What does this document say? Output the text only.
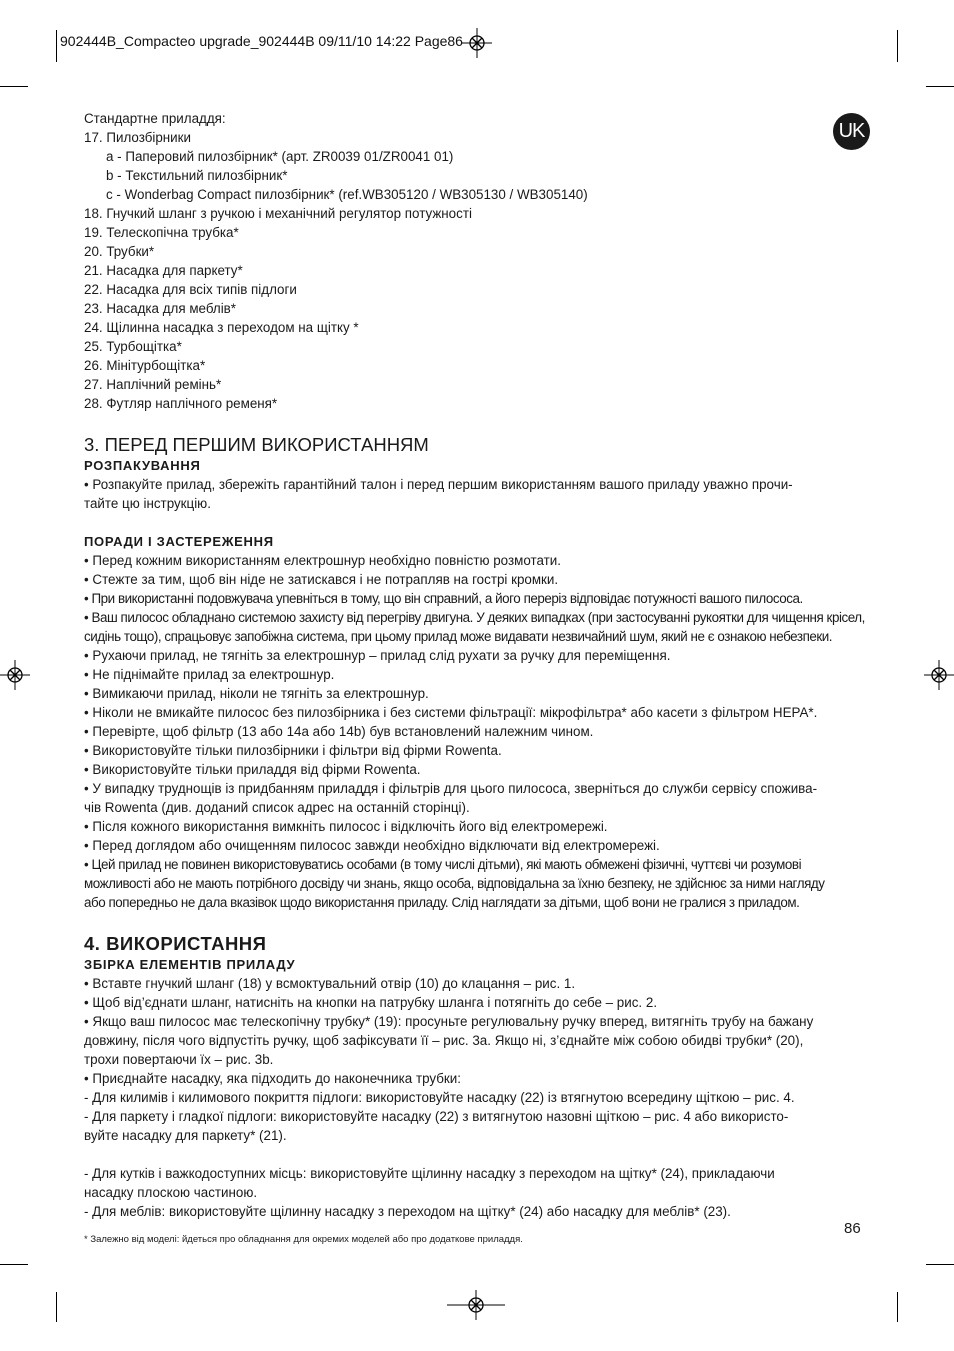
902444B_Compacteo upgrade_902444B 09/11/10 14:22 Page86
UK
Стандартне приладдя:
17. Пилозбірники
a - Паперовий пилозбірник* (арт. ZR0039 01/ZR0041 01)
b - Текстильний пилозбірник*
c - Wonderbag Compact пилозбірник* (ref.WB305120 / WB305130 / WB305140)
18. Гнучкий шланг з ручкою і механічний регулятор потужності
19. Телескопічна трубка*
20. Трубки*
21. Насадка для паркету*
22. Насадка для всіх типів підлоги
23. Насадка для меблів*
24. Щілинна насадка з переходом на щітку *
25. Турбощітка*
26. Мінітурбощітка*
27. Наплічний ремінь*
28. Футляр наплічного ременя*
3. ПЕРЕД ПЕРШИМ ВИКОРИСТАННЯМ
РОЗПАКУВАННЯ
• Розпакуйте прилад, збережіть гарантійний талон і перед першим використанням вашого приладу уважно прочи-
тайте цю інструкцію.
ПОРАДИ І ЗАСТЕРЕЖЕННЯ
• Перед кожним використанням електрошнур необхідно повністю розмотати.
• Стежте за тим, щоб він ніде не затискався і не потрапляв на гострі кромки.
• При використанні подовжувача упевніться в тому, що він справний, а його переріз відповідає потужності вашого пилососа.
• Ваш пилосос обладнано системою захисту від перегріву двигуна. У деяких випадках (при застосуванні рукоятки для чищення крісел,
сидінь тощо), спрацьовує запобіжна система, при цьому прилад може видавати незвичайний шум, який не є ознакою небезпеки.
• Рухаючи прилад, не тягніть за електрошнур – прилад слід рухати за ручку для переміщення.
• Не піднімайте прилад за електрошнур.
• Вимикаючи прилад, ніколи не тягніть за електрошнур.
• Ніколи не вмикайте пилосос без пилозбірника і без системи фільтрації: мікрофільтра* або касети з фільтром HEPA*.
• Перевірте, щоб фільтр (13 або 14a або 14b) був встановлений належним чином.
• Використовуйте тільки пилозбірники і фільтри від фірми Rowenta.
• Використовуйте тільки приладдя від фірми Rowenta.
• У випадку труднощів із придбанням приладдя і фільтрів для цього пилососа, зверніться до служби сервісу спожива-
чів Rowenta (див. доданий список адрес на останній сторінці).
• Після кожного використання вимкніть пилосос і відключіть його від електромережі.
• Перед доглядом або очищенням пилосос завжди необхідно відключати від електромережі.
• Цей прилад не повинен використовуватись особами (в тому числі дітьми), які мають обмежені фізичні, чуттєві чи розумові
можливості або не мають потрібного досвіду чи знань, якщо особа, відповідальна за їхню безпеку, не здійснює за ними нагляду
або попередньо не дала вказівок щодо використання приладу. Слід наглядати за дітьми, щоб вони не гралися з приладом.
4. ВИКОРИСТАННЯ
ЗБІРКА ЕЛЕМЕНТІВ ПРИЛАДУ
• Вставте гнучкий шланг (18) у всмоктувальний отвір (10) до клацання – рис. 1.
• Щоб від’єднати шланг, натисніть на кнопки на патрубку шланга і потягніть до себе – рис. 2.
• Якщо ваш пилосос має телескопічну трубку* (19): просуньте регулювальну ручку вперед, витягніть трубу на бажану
довжину, після чого відпустіть ручку, щоб зафіксувати її – рис. 3a. Якщо ні, з’єднайте між собою обидві трубки* (20),
трохи повертаючи їх – рис. 3b.
• Приєднайте насадку, яка підходить до наконечника трубки:
- Для килимів і килимового покриття підлоги: використовуйте насадку (22) із втягнутою всередину щіткою – рис. 4.
- Для паркету і гладкої підлоги: використовуйте насадку (22) з витягнутою назовні щіткою – рис. 4 або використо-
вуйте насадку для паркету* (21).
- Для кутків і важкодоступних місць: використовуйте щілинну насадку з переходом на щітку* (24), прикладаючи
насадку плоскою частиною.
- Для меблів: використовуйте щілинну насадку з переходом на щітку* (24) або насадку для меблів* (23).
86
* Залежно від моделі: йдеться про обладнання для окремих моделей або про додаткове приладдя.
